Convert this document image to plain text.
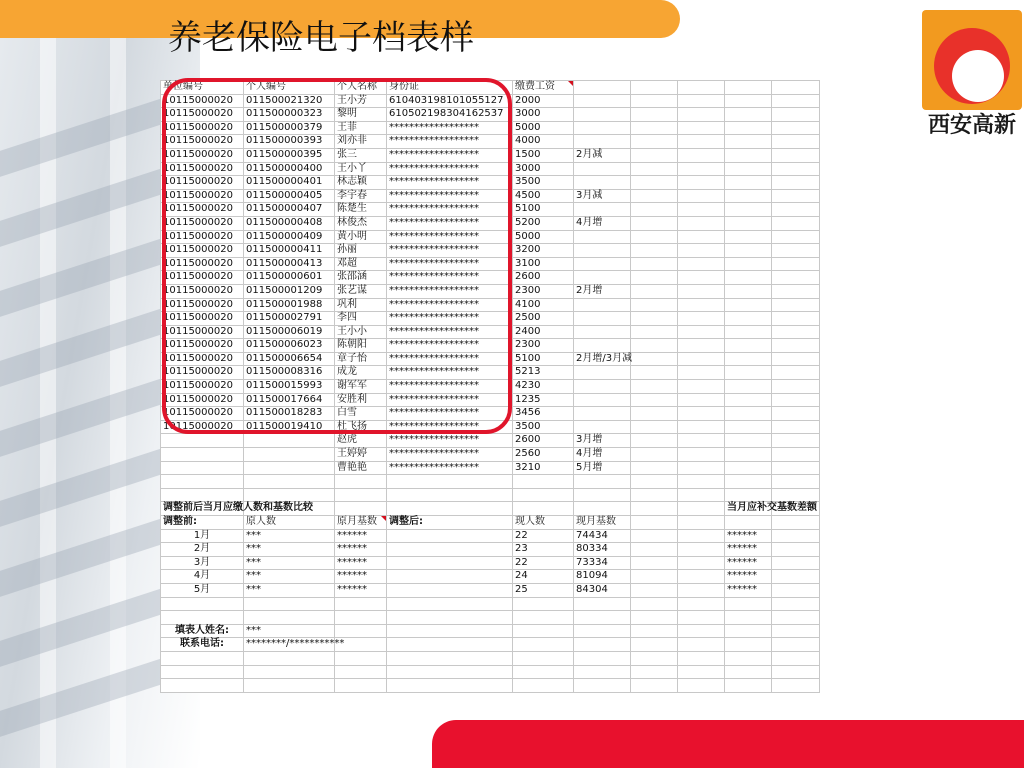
养老保险电子档表样
西安高新
单位编号	个人编号	个人名称	身份证	缴费工资					
10115000020	011500021320	王小芳	610403198101055127	2000					
10115000020	011500000323	黎明	610502198304162537	3000					
10115000020	011500000379	王菲	******************	5000					
10115000020	011500000393	刘亦非	******************	4000					
10115000020	011500000395	张三	******************	1500	2月减				
10115000020	011500000400	王小丫	******************	3000					
10115000020	011500000401	林志颖	******************	3500					
10115000020	011500000405	李宇春	******************	4500	3月减				
10115000020	011500000407	陈楚生	******************	5100					
10115000020	011500000408	林俊杰	******************	5200	4月增				
10115000020	011500000409	黄小明	******************	5000					
10115000020	011500000411	孙丽	******************	3200					
10115000020	011500000413	邓超	******************	3100					
10115000020	011500000601	张邵涵	******************	2600					
10115000020	011500001209	张艺谋	******************	2300	2月增				
10115000020	011500001988	巩利	******************	4100					
10115000020	011500002791	李四	******************	2500					
10115000020	011500006019	王小小	******************	2400					
10115000020	011500006023	陈朝阳	******************	2300					
10115000020	011500006654	章子怡	******************	5100	2月增/3月减				
10115000020	011500008316	成龙	******************	5213					
10115000020	011500015993	谢军军	******************	4230					
10115000020	011500017664	安胜利	******************	1235					
10115000020	011500018283	白雪	******************	3456					
10115000020	011500019410	杜飞扬	******************	3500					
		赵虎	******************	2600	3月增				
		王婷婷	******************	2560	4月增				
		曹艳艳	******************	3210	5月增				

调整前后当月应缴人数和基数比较								当月应补交基数差额	
调整前:	原人数	原月基数	调整后:	现人数	现月基数				
1月	***	******		22	74434			******	
2月	***	******		23	80334			******	
3月	***	******		22	73334			******	
4月	***	******		24	81094			******	
5月	***	******		25	84304			******	

填表人姓名:	***								
联系电话:	********/***********								
